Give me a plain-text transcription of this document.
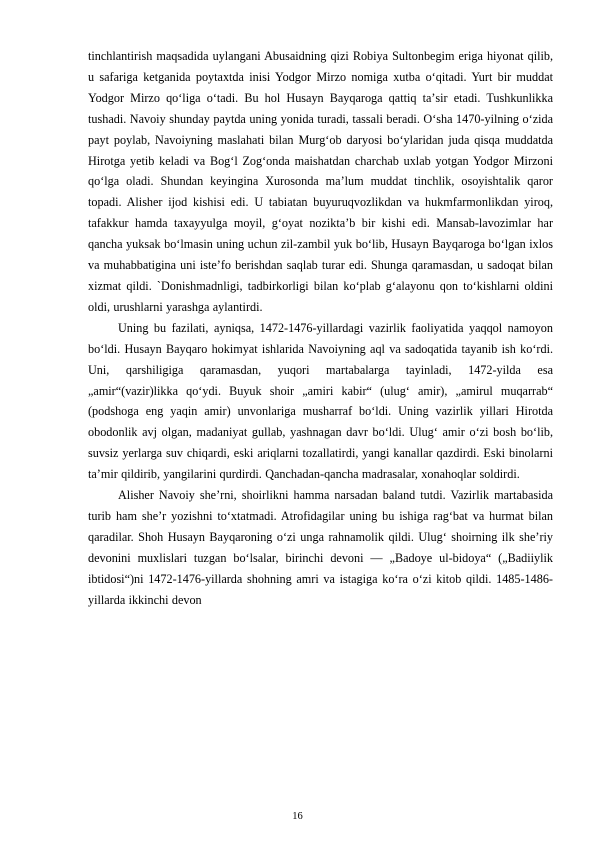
tinchlantirish maqsadida uylangani Abusaidning qizi Robiya Sultonbegim eriga hiyonat qilib, u safariga ketganida poytaxtda inisi Yodgor Mirzo nomiga xutba oʻqitadi. Yurt bir muddat Yodgor Mirzo qoʻliga oʻtadi. Bu hol Husayn Bayqaroga qattiq taʼsir etadi. Tushkunlikka tushadi. Navoiy shunday paytda uning yonida turadi, tassali beradi. Oʻsha 1470-yilning oʻzida payt poylab, Navoiyning maslahati bilan Murgʻob daryosi boʻylaridan juda qisqa muddatda Hirotga yetib keladi va Bogʻl Zogʻonda maishatdan charchab uxlab yotgan Yodgor Mirzoni qoʻlga oladi. Shundan keyingina Xurosonda maʼlum muddat tinchlik, osoyishtalik qaror topadi. Alisher ijod kishisi edi. U tabiatan buyuruqvozlikdan va hukmfarmonlikdan yiroq, tafakkur hamda taxayyulga moyil, gʻoyat noziktaʼb bir kishi edi. Mansab-lavozimlar har qancha yuksak boʻlmasin uning uchun zil-zambil yuk boʻlib, Husayn Bayqaroga boʻlgan ixlos va muhabbatigina uni isteʼfo berishdan saqlab turar edi. Shunga qaramasdan, u sadoqat bilan xizmat qildi. `Donishmadnligi, tadbirkorligi bilan koʻplab gʻalayonu qon toʻkishlarni oldini oldi, urushlarni yarashga aylantirdi.

Uning bu fazilati, ayniqsa, 1472-1476-yillardagi vazirlik faoliyatida yaqqol namoyon boʻldi. Husayn Bayqaro hokimyat ishlarida Navoiyning aql va sadoqatida tayanib ish koʻrdi. Uni, qarshiligiga qaramasdan, yuqori martabalarga tayinladi, 1472-yilda esa „amir“(vazir)likka qoʻydi. Buyuk shoir „amiri kabir“ (ulugʻ amir), „amirul muqarrab“ (podshoga eng yaqin amir) unvonlariga musharraf boʻldi. Uning vazirlik yillari Hirotda obodonlik avj olgan, madaniyat gullab, yashnagan davr boʻldi. Ulugʻ amir oʻzi bosh boʻlib, suvsiz yerlarga suv chiqardi, eski ariqlarni tozallatirdi, yangi kanallar qazdirdi. Eski binolarni taʼmir qildirib, yangilarini qurdirdi. Qanchadan-qancha madrasalar, xonahoqlar soldirdi.

Alisher Navoiy sheʼrni, shoirlikni hamma narsadan baland tutdi. Vazirlik martabasida turib ham sheʼr yozishni toʻxtatmadi. Atrofidagilar uning bu ishiga ragʻbat va hurmat bilan qaradilar. Shoh Husayn Bayqaroning oʻzi unga rahnamolik qildi. Ulugʻ shoirning ilk sheʼriy devonini muxlislari tuzgan boʻlsalar, birinchi devoni — „Badoye ul-bidoya“ („Badiiylik ibtidosi“)ni 1472-1476-yillarda shohning amri va istagiga koʻra oʻzi kitob qildi. 1485-1486-yillarda ikkinchi devon

16
